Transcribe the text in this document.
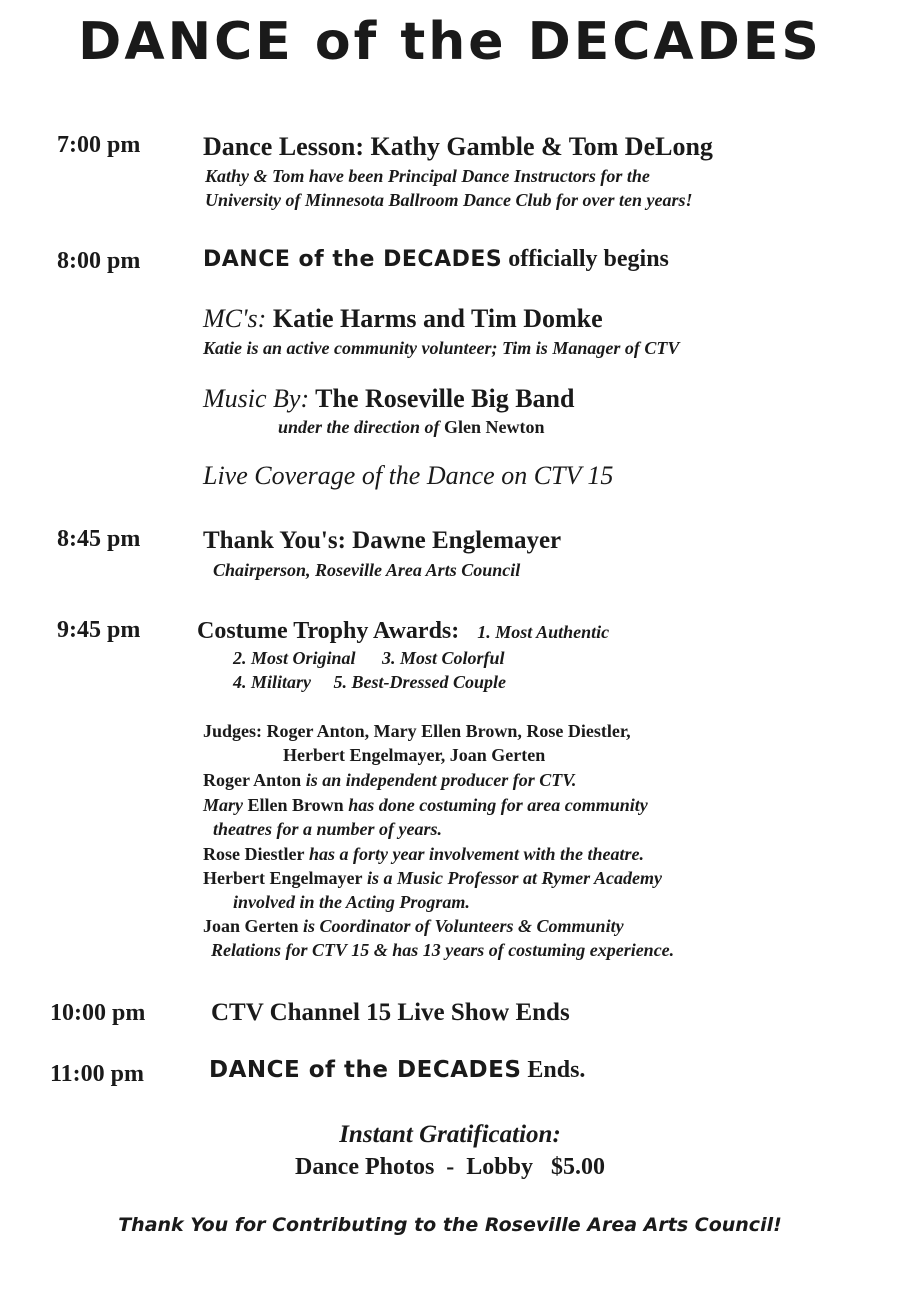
DANCE of the DECADES
7:00 pm Dance Lesson: Kathy Gamble & Tom DeLong
Kathy & Tom have been Principal Dance Instructors for the
University of Minnesota Ballroom Dance Club for over ten years!
8:00 pm	DANCE of the DECADES officially begins
MC's: Katie Harms and Tim Domke
Katie is an active community volunteer; Tim is Manager of CTV
Music By: The Roseville Big Band
under the direction of Glen Newton
Live Coverage of the Dance on CTV 15
8:45 pm	Thank You's: Dawne Englemayer
Chairperson, Roseville Area Arts Council
9:45 pm Costume Trophy Awards: 1. Most Authentic
2. Most Original 3. Most Colorful
4. Military 5. Best-Dressed Couple
Judges: Roger Anton, Mary Ellen Brown, Rose Diestler,
Herbert Engelmayer, Joan Gerten
Roger Anton is an independent producer for CTV.
Mary Ellen Brown has done costuming for area community
theatres for a number of years.
Rose Diestler has a forty year involvement with the theatre.
Herbert Engelmayer is a Music Professor at Rymer Academy
involved in the Acting Program.
Joan Gerten is Coordinator of Volunteers & Community
Relations for CTV 15 & has 13 years of costuming experience.
10:00 pm	CTV Channel 15 Live Show Ends
11:00 pm	DANCE of the DECADES Ends.
Instant Gratification:
Dance Photos  -  Lobby   $5.00
Thank You for Contributing to the Roseville Area Arts Council!
